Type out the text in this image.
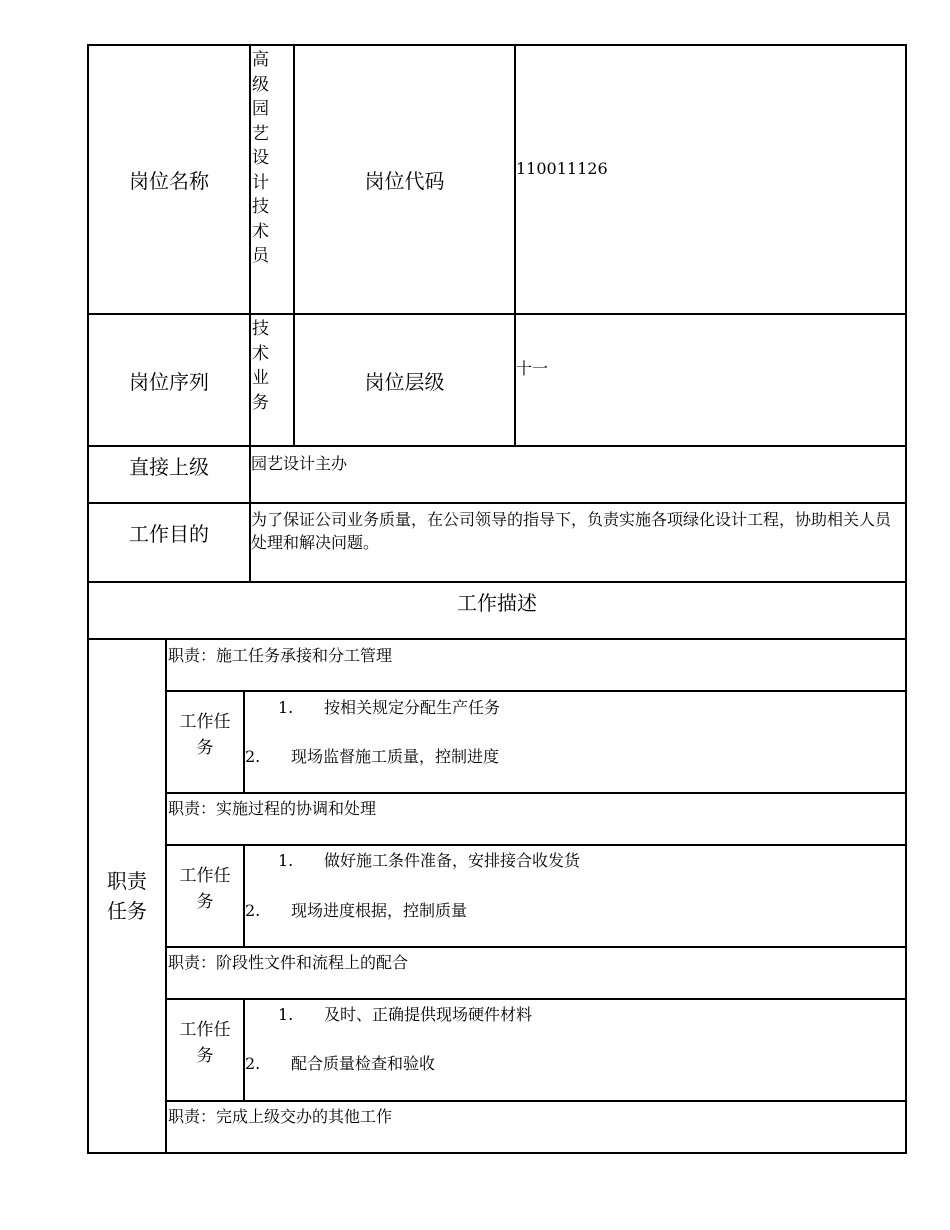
岗位名称
高级园艺设计技术员
岗位代码
110011126
岗位序列
技术业务
岗位层级
十一
直接上级	园艺设计主办
工作目的
为了保证公司业务质量，在公司领导的指导下，负责实施各项绿化设计工程，协助相关人员处理和解决问题。
工作描述
职责任务
职责：施工任务承接和分工管理
工作任务
1. 按相关规定分配生产任务
2. 现场监督施工质量，控制进度
职责：实施过程的协调和处理
工作任务
1. 做好施工条件准备，安排接合收发货
2. 现场进度根据，控制质量
职责：阶段性文件和流程上的配合
工作任务
1. 及时、正确提供现场硬件材料
2. 配合质量检查和验收
职责：完成上级交办的其他工作
